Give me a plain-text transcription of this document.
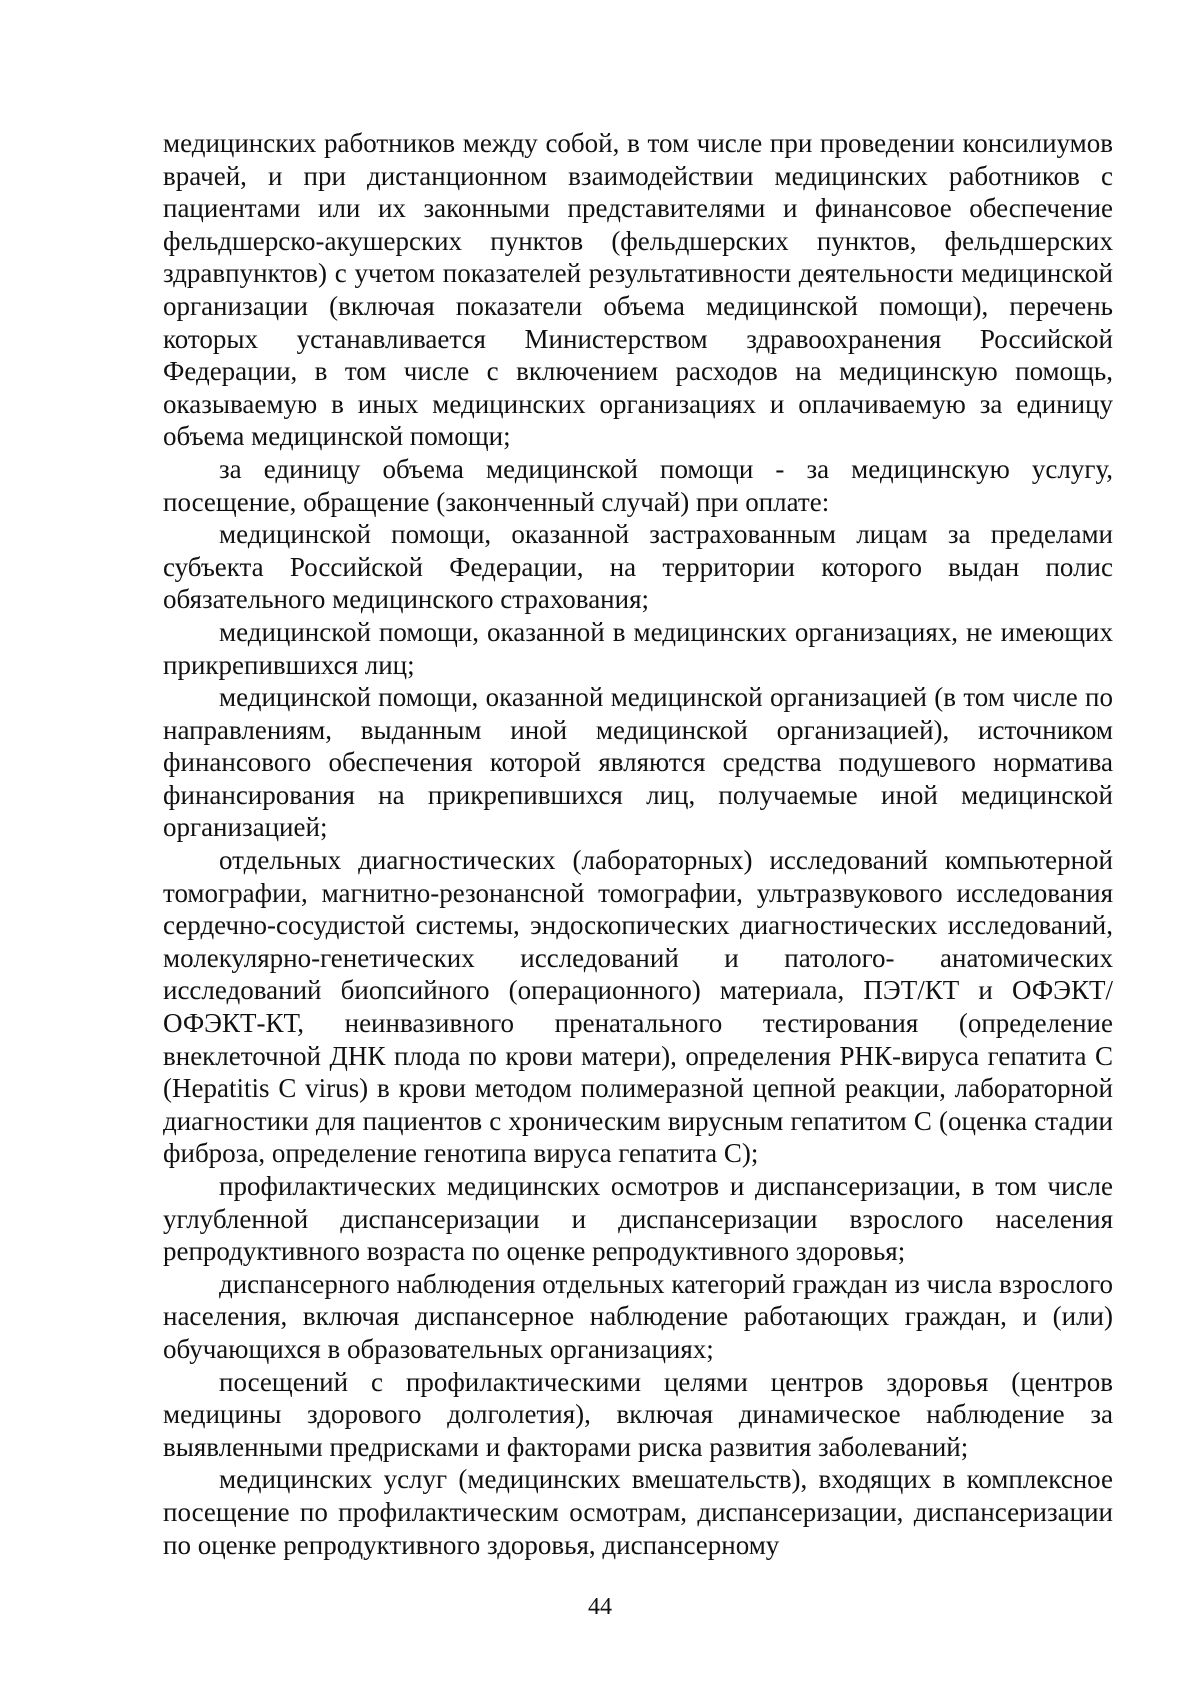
медицинских работников между собой, в том числе при проведении консилиумов врачей, и при дистанционном взаимодействии медицинских работников с пациентами или их законными представителями и финансовое обеспечение фельдшерско-акушерских пунктов (фельдшерских пунктов, фельдшерских здравпунктов) с учетом показателей результативности деятельности медицинской организации (включая показатели объема медицинской помощи), перечень которых устанавливается Министерством здравоохранения Российской Федерации, в том числе с включением расходов на медицинскую помощь, оказываемую в иных медицинских организациях и оплачиваемую за единицу объема медицинской помощи;

за единицу объема медицинской помощи - за медицинскую услугу, посещение, обращение (законченный случай) при оплате:

медицинской помощи, оказанной застрахованным лицам за пределами субъекта Российской Федерации, на территории которого выдан полис обязательного медицинского страхования;

медицинской помощи, оказанной в медицинских организациях, не имеющих прикрепившихся лиц;

медицинской помощи, оказанной медицинской организацией (в том числе по направлениям, выданным иной медицинской организацией), источником финансового обеспечения которой являются средства подушевого норматива финансирования на прикрепившихся лиц, получаемые иной медицинской организацией;

отдельных диагностических (лабораторных) исследований компьютерной томографии, магнитно-резонансной томографии, ультразвукового исследования сердечно-сосудистой системы, эндоскопических диагностических исследований, молекулярно-генетических исследований и патолого- анатомических исследований биопсийного (операционного) материала, ПЭТ/КТ и ОФЭКТ/ОФЭКТ-КТ, неинвазивного пренатального тестирования (определение внеклеточной ДНК плода по крови матери), определения РНК-вируса гепатита С (Hepatitis C virus) в крови методом полимеразной цепной реакции, лабораторной диагностики для пациентов с хроническим вирусным гепатитом С (оценка стадии фиброза, определение генотипа вируса гепатита С);

профилактических медицинских осмотров и диспансеризации, в том числе углубленной диспансеризации и диспансеризации взрослого населения репродуктивного возраста по оценке репродуктивного здоровья;

диспансерного наблюдения отдельных категорий граждан из числа взрослого населения, включая диспансерное наблюдение работающих граждан, и (или) обучающихся в образовательных организациях;

посещений с профилактическими целями центров здоровья (центров медицины здорового долголетия), включая динамическое наблюдение за выявленными предрисками и факторами риска развития заболеваний;

медицинских услуг (медицинских вмешательств), входящих в комплексное посещение по профилактическим осмотрам, диспансеризации, диспансеризации по оценке репродуктивного здоровья, диспансерному

44
